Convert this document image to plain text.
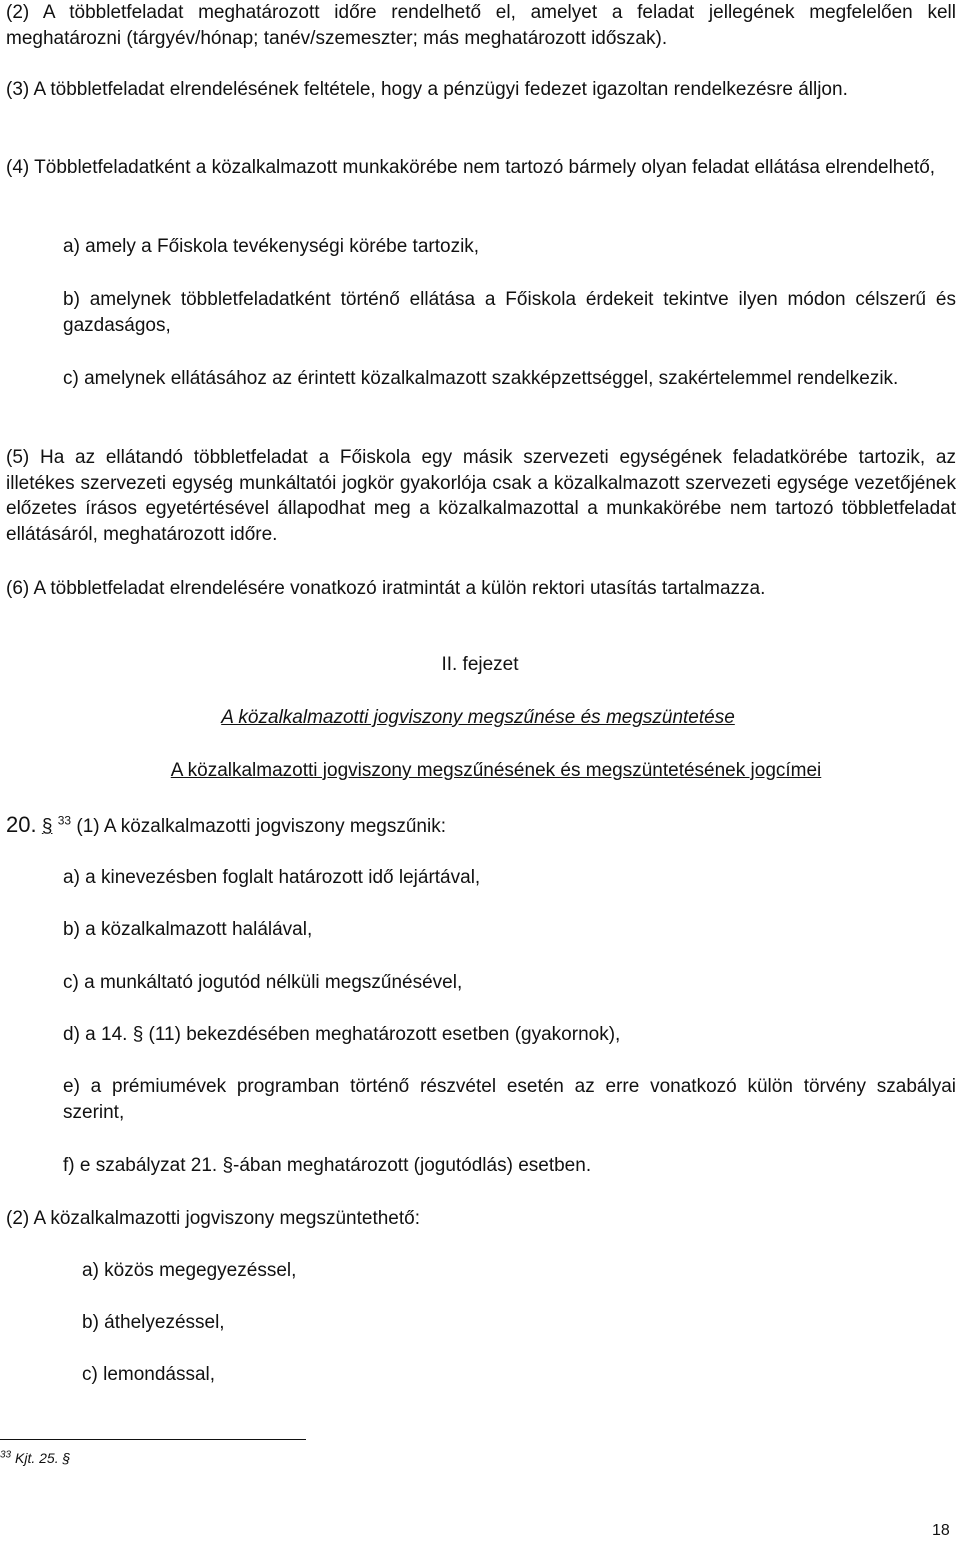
(2) A többletfeladat meghatározott időre rendelhető el, amelyet a feladat jellegének megfelelően kell meghatározni (tárgyév/hónap; tanév/szemeszter; más meghatározott időszak).

(3) A többletfeladat elrendelésének feltétele, hogy a pénzügyi fedezet igazoltan rendelkezésre álljon.

(4) Többletfeladatként a közalkalmazott munkakörébe nem tartozó bármely olyan feladat ellátása elrendelhető,

a) amely a Főiskola tevékenységi körébe tartozik,

b) amelynek többletfeladatként történő ellátása a Főiskola érdekeit tekintve ilyen módon célszerű és gazdaságos,

c) amelynek ellátásához az érintett közalkalmazott szakképzettséggel, szakértelemmel rendelkezik.

(5) Ha az ellátandó többletfeladat a Főiskola egy másik szervezeti egységének feladatkörébe tartozik, az illetékes szervezeti egység munkáltatói jogkör gyakorlója csak a közalkalmazott szervezeti egysége vezetőjének előzetes írásos egyetértésével állapodhat meg a közalkalmazottal a munkakörébe nem tartozó többletfeladat ellátásáról, meghatározott időre.

(6) A többletfeladat elrendelésére vonatkozó iratmintát a külön rektori utasítás tartalmazza.

II. fejezet
A közalkalmazotti jogviszony megszűnése és megszüntetése
A közalkalmazotti jogviszony megszűnésének és megszüntetésének jogcímei

20. § $^{33}$ (1) A közalkalmazotti jogviszony megszűnik:

a) a kinevezésben foglalt határozott idő lejártával,

b) a közalkalmazott halálával,

c) a munkáltató jogutód nélküli megszűnésével,

d) a 14. § (11) bekezdésében meghatározott esetben (gyakornok),

e) a prémiumévek programban történő részvétel esetén az erre vonatkozó külön törvény szabályai szerint,

f) e szabályzat 21. §-ában meghatározott (jogutódlás) esetben.

(2) A közalkalmazotti jogviszony megszüntethető:

a) közös megegyezéssel,

b) áthelyezéssel,

c) lemondással,

$^{33}$ Kjt. 25. §
18
